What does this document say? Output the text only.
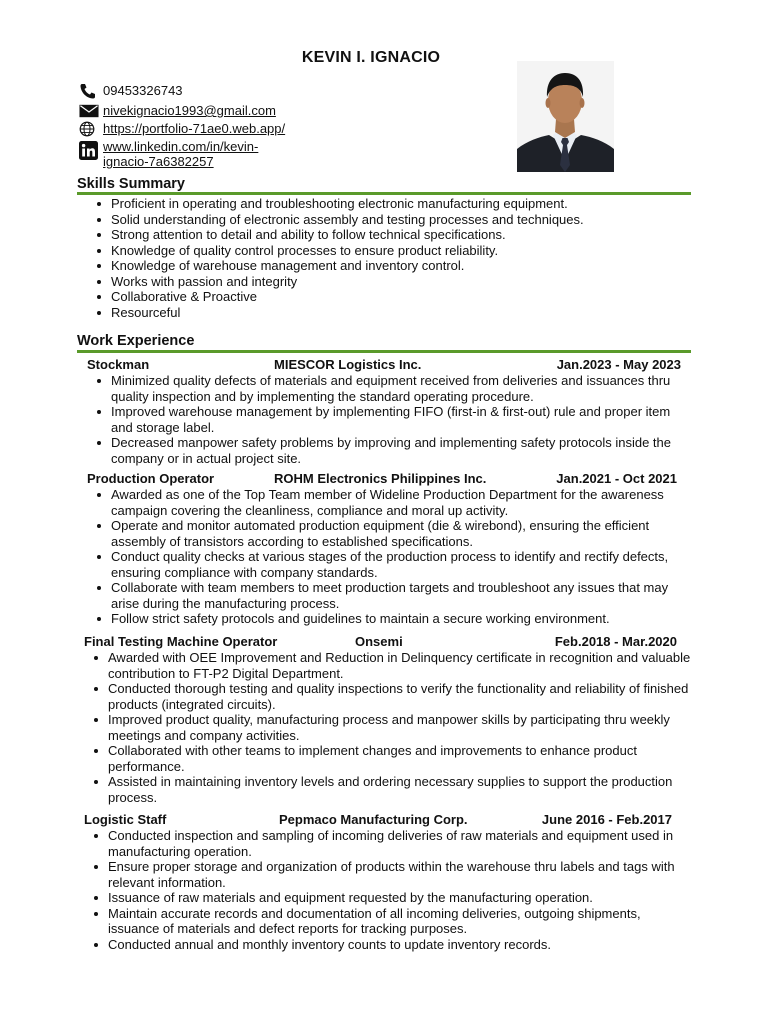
KEVIN I. IGNACIO
09453326743
nivekignacio1993@gmail.com
https://portfolio-71ae0.web.app/
www.linkedin.com/in/kevin-
ignacio-7a6382257
Skills Summary
Proficient in operating and troubleshooting electronic manufacturing equipment.
Solid understanding of electronic assembly and testing processes and techniques.
Strong attention to detail and ability to follow technical specifications.
Knowledge of quality control processes to ensure product reliability.
Knowledge of warehouse management and inventory control.
Works with passion and integrity
Collaborative & Proactive
Resourceful
Work Experience
Stockman	MIESCOR Logistics Inc.	Jan.2023 - May 2023
Minimized quality defects of materials and equipment received from deliveries and issuances thru quality inspection and by implementing the standard operating procedure.
Improved warehouse management by implementing FIFO (first-in & first-out) rule and proper item and storage label.
Decreased manpower safety problems by improving and implementing safety protocols inside the company or in actual project site.
Production Operator	ROHM Electronics Philippines Inc.	Jan.2021 - Oct 2021
Awarded as one of the Top Team member of Wideline Production Department for the awareness campaign covering the cleanliness, compliance and moral up activity.
Operate and monitor automated production equipment (die & wirebond), ensuring the efficient assembly of transistors according to established specifications.
Conduct quality checks at various stages of the production process to identify and rectify defects, ensuring compliance with company standards.
Collaborate with team members to meet production targets and troubleshoot any issues that may arise during the manufacturing process.
Follow strict safety protocols and guidelines to maintain a secure working environment.
Final Testing Machine Operator	Onsemi	Feb.2018 - Mar.2020
Awarded with OEE Improvement and Reduction in Delinquency certificate in recognition and valuable contribution to FT-P2 Digital Department.
Conducted thorough testing and quality inspections to verify the functionality and reliability of finished products (integrated circuits).
Improved product quality, manufacturing process and manpower skills by participating thru weekly meetings and company activities.
Collaborated with other teams to implement changes and improvements to enhance product performance.
Assisted in maintaining inventory levels and ordering necessary supplies to support the production process.
Logistic Staff	Pepmaco Manufacturing Corp.	June 2016 - Feb.2017
Conducted inspection and sampling of incoming deliveries of raw materials and equipment used in manufacturing operation.
Ensure proper storage and organization of products within the warehouse thru labels and tags with relevant information.
Issuance of raw materials and equipment requested by the manufacturing operation.
Maintain accurate records and documentation of all incoming deliveries, outgoing shipments, issuance of materials and defect reports for tracking purposes.
Conducted annual and monthly inventory counts to update inventory records.
